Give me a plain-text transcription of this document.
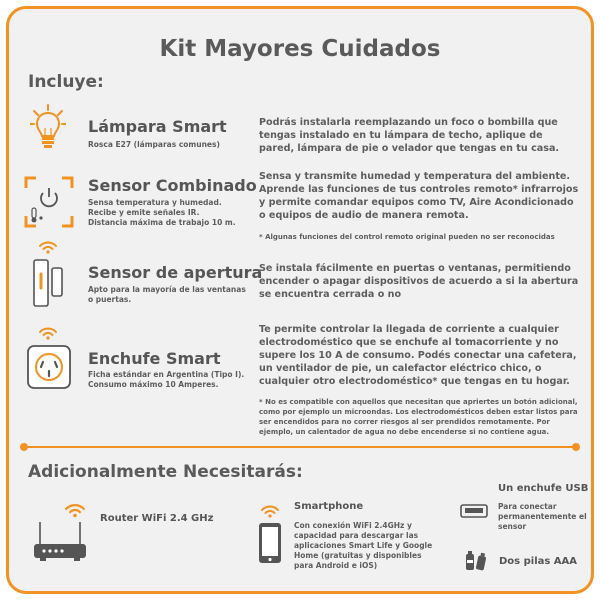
Kit Mayores Cuidados
Incluye:
Lámpara Smart
Rosca E27 (lámparas comunes)
Podrás instalarla reemplazando un foco o bombilla que tengas instalado en tu lámpara de techo, aplique de pared, lámpara de pie o velador que tengas en tu casa.
Sensor Combinado
Sensa temperatura y humedad.
Recibe y emite señales IR.
Distancia máxima de trabajo 10 m.
Sensa y transmite humedad y temperatura del ambiente. Aprende las funciones de tus controles remoto* infrarrojos y permite comandar equipos como TV, Aire Acondicionado o equipos de audio de manera remota.
* Algunas funciones del control remoto original pueden no ser reconocidas
Sensor de apertura
Apto para la mayoría de las ventanas
o puertas.
Se instala fácilmente en puertas o ventanas, permitiendo encender o apagar dispositivos de acuerdo a si la abertura se encuentra cerrada o no
Enchufe Smart
Ficha estándar en Argentina (Tipo I).
Consumo máximo 10 Amperes.
Te permite controlar la llegada de corriente a cualquier electrodoméstico que se enchufe al tomacorriente y no supere los 10 A de consumo. Podés conectar una cafetera, un ventilador de pie, un calefactor eléctrico chico, o cualquier otro electrodoméstico* que tengas en tu hogar.
* No es compatible con aquellos que necesitan que apriertes un botón adicional, como por ejemplo un microondas. Los electrodomésticos deben estar listos para ser encendidos para no correr riesgos al ser prendidos remotamente. Por ejemplo, un calentador de agua no debe encenderse si no contiene agua.
Adicionalmente Necesitarás:
Router WiFi 2.4 GHz
Smartphone
Con conexión WiFi 2.4GHz y
capacidad para descargar las
aplicaciones Smart Life y Google
Home (gratuitas y disponibles
para Android e iOS)
Un enchufe USB
Para conectar
permanentemente el
sensor
Dos pilas AAA
